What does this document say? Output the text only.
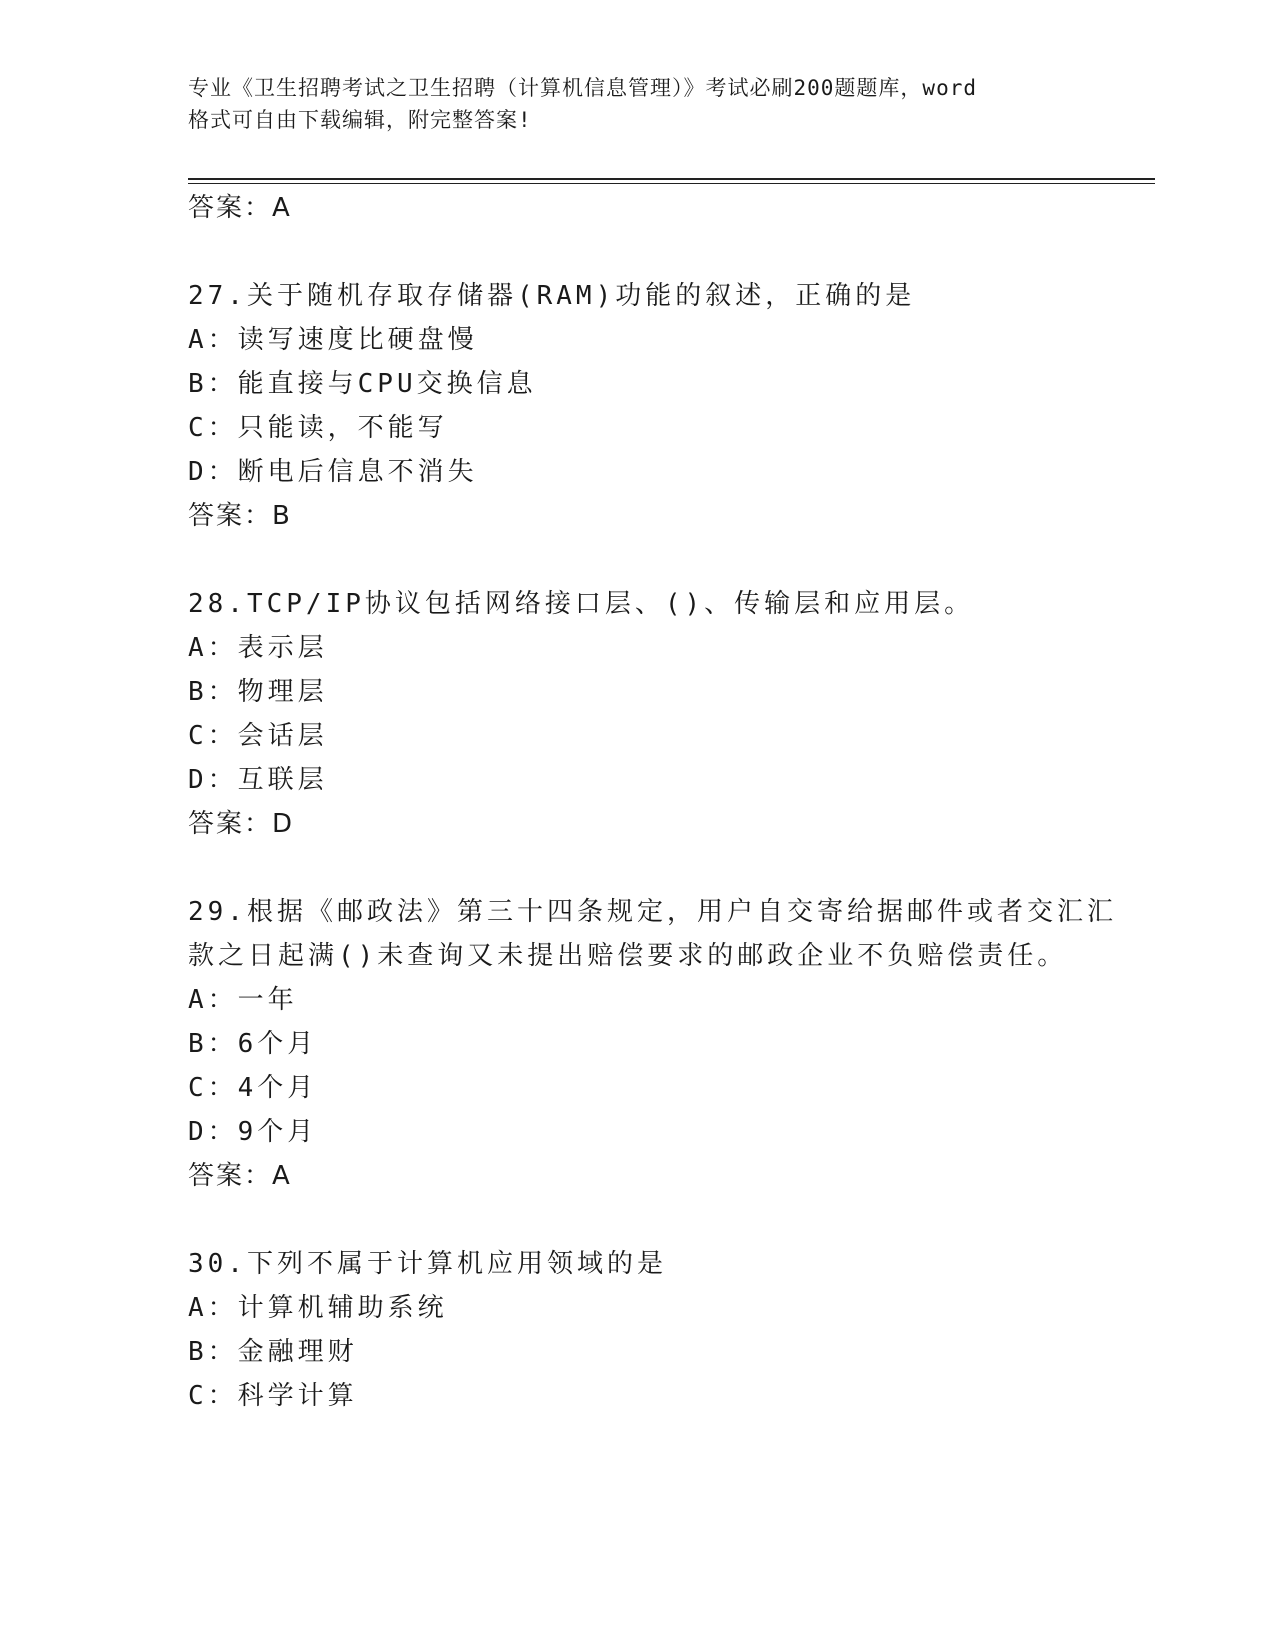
专业《卫生招聘考试之卫生招聘（计算机信息管理）》考试必刷200题题库，word
格式可自由下载编辑，附完整答案!
答案：A
27.关于随机存取存储器(RAM)功能的叙述，正确的是
A：读写速度比硬盘慢
B：能直接与CPU交换信息
C：只能读，不能写
D：断电后信息不消失
答案：B
28.TCP/IP协议包括网络接口层、()、传输层和应用层。
A：表示层
B：物理层
C：会话层
D：互联层
答案：D
29.根据《邮政法》第三十四条规定，用户自交寄给据邮件或者交汇汇
款之日起满()未查询又未提出赔偿要求的邮政企业不负赔偿责任。
A：一年
B：6个月
C：4个月
D：9个月
答案：A
30.下列不属于计算机应用领域的是
A：计算机辅助系统
B：金融理财
C：科学计算
